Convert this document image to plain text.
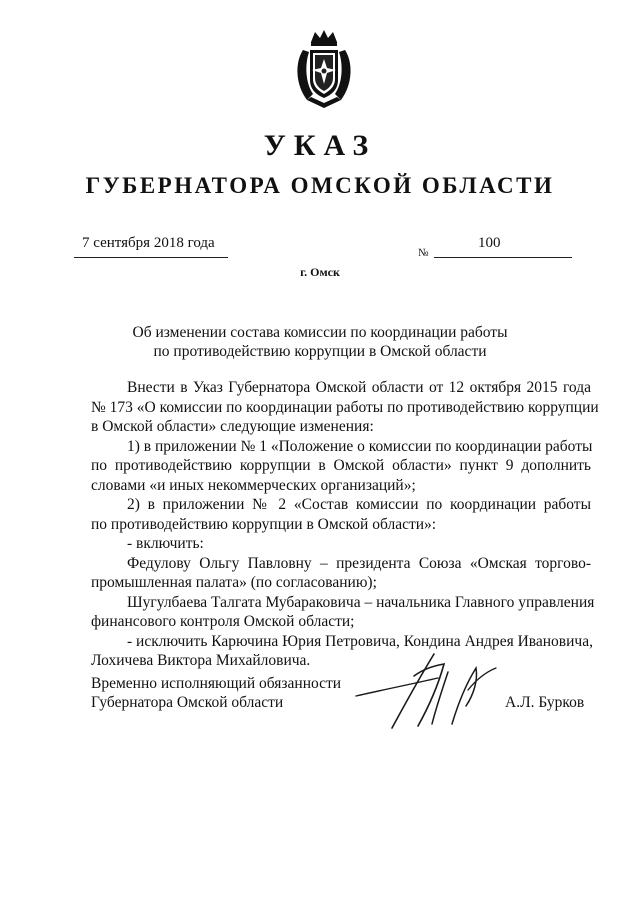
УКАЗ
ГУБЕРНАТОРА ОМСКОЙ ОБЛАСТИ
7 сентября 2018 года
№
100
г. Омск
Об изменении состава комиссии по координации работы
по противодействию коррупции в Омской области
Внести в Указ Губернатора Омской области от 12 октября 2015 года
№ 173 «О комиссии по координации работы по противодействию коррупции
в Омской области» следующие изменения:
1) в приложении № 1 «Положение о комиссии по координации работы
по противодействию коррупции в Омской области» пункт 9 дополнить
словами «и иных некоммерческих организаций»;
2) в приложении № 2 «Состав комиссии по координации работы
по противодействию коррупции в Омской области»:
- включить:
Федулову Ольгу Павловну – президента Союза «Омская торгово-
промышленная палата» (по согласованию);
Шугулбаева Талгата Мубараковича – начальника Главного управления
финансового контроля Омской области;
- исключить Карючина Юрия Петровича, Кондина Андрея Ивановича,
Лохичева Виктора Михайловича.
Временно исполняющий обязанности
Губернатора Омской области	А.Л. Бурков
